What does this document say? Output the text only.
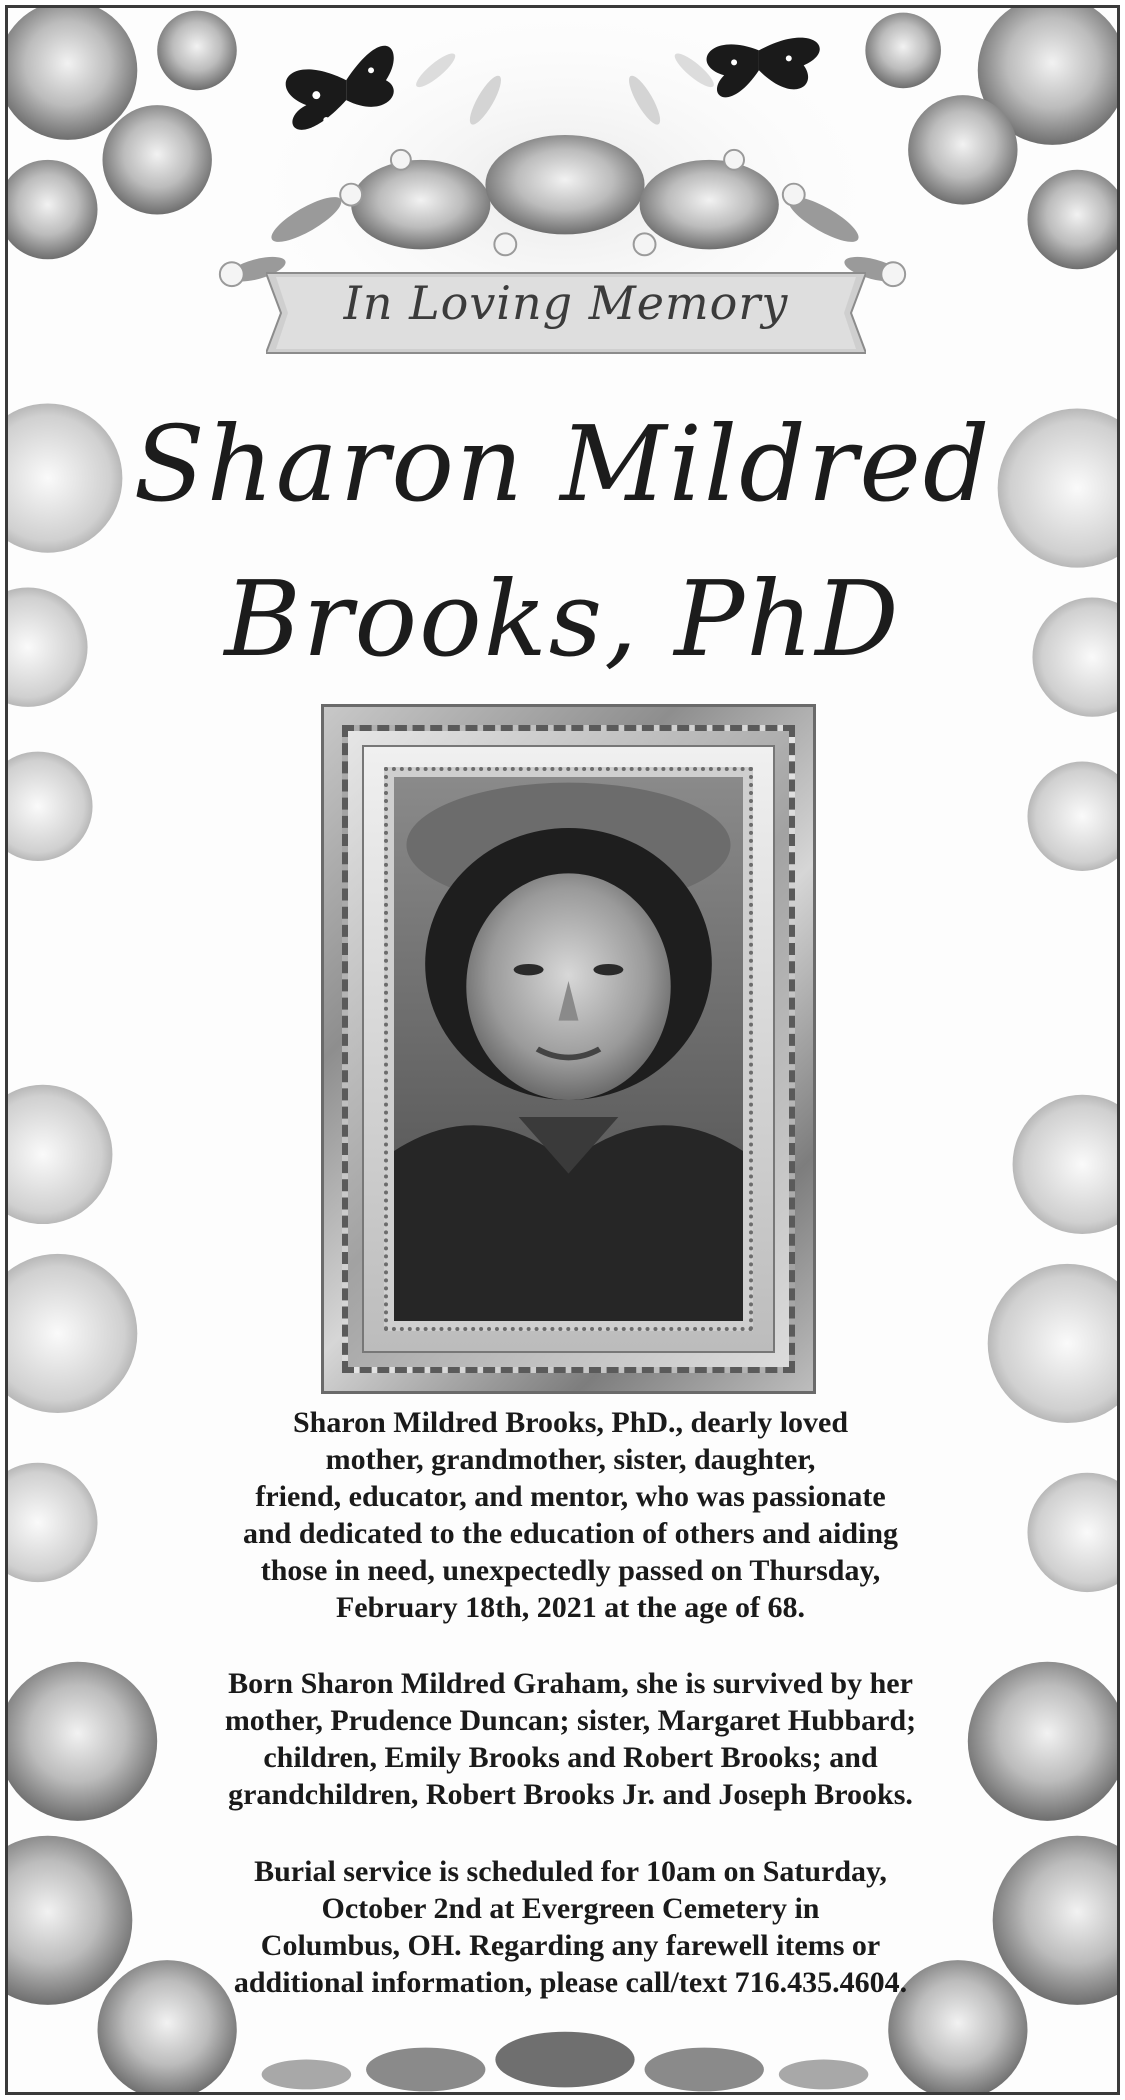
In Loving Memory
Sharon Mildred
Brooks, PhD
Sharon Mildred Brooks, PhD., dearly loved
mother, grandmother, sister, daughter,
friend, educator, and mentor, who was passionate
and dedicated to the education of others and aiding
those in need, unexpectedly passed on Thursday,
February 18th, 2021 at the age of 68.
Born Sharon Mildred Graham, she is survived by her
mother, Prudence Duncan; sister, Margaret Hubbard;
children, Emily Brooks and Robert Brooks; and
grandchildren, Robert Brooks Jr. and Joseph Brooks.
Burial service is scheduled for 10am on Saturday,
October 2nd at Evergreen Cemetery in
Columbus, OH. Regarding any farewell items or
additional information, please call/text 716.435.4604.
